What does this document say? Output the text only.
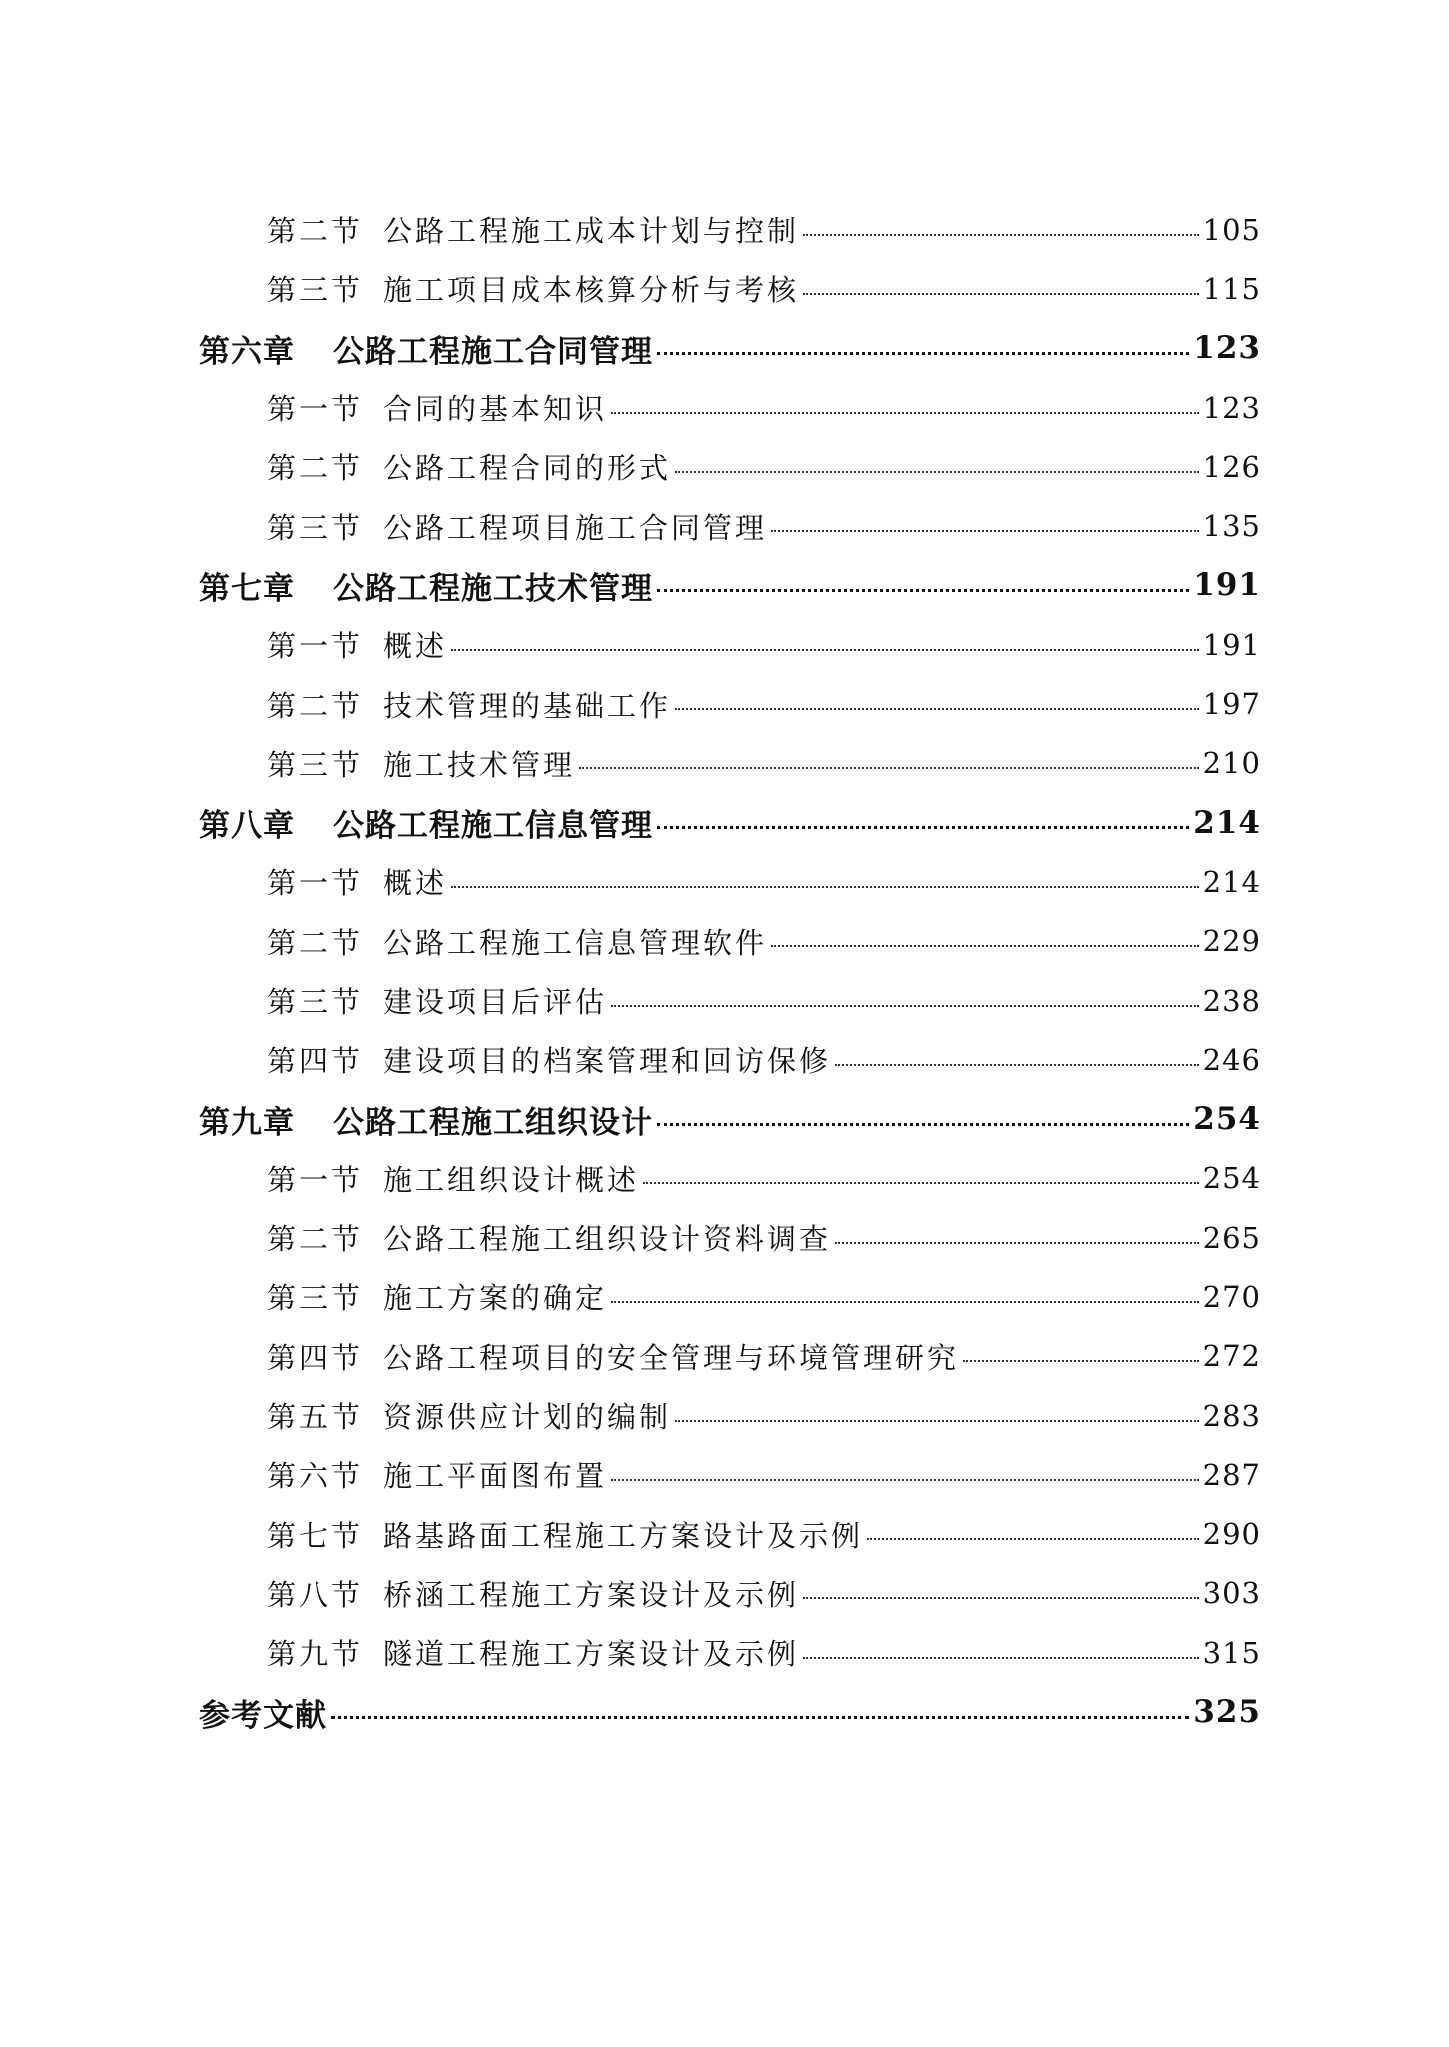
第二节 公路工程施工成本计划与控制	105
第三节 施工项目成本核算分析与考核	115
第六章 公路工程施工合同管理	123
第一节 合同的基本知识	123
第二节 公路工程合同的形式	126
第三节 公路工程项目施工合同管理	135
第七章 公路工程施工技术管理	191
第一节 概述	191
第二节 技术管理的基础工作	197
第三节 施工技术管理	210
第八章 公路工程施工信息管理	214
第一节 概述	214
第二节 公路工程施工信息管理软件	229
第三节 建设项目后评估	238
第四节 建设项目的档案管理和回访保修	246
第九章 公路工程施工组织设计	254
第一节 施工组织设计概述	254
第二节 公路工程施工组织设计资料调查	265
第三节 施工方案的确定	270
第四节 公路工程项目的安全管理与环境管理研究	272
第五节 资源供应计划的编制	283
第六节 施工平面图布置	287
第七节 路基路面工程施工方案设计及示例	290
第八节 桥涵工程施工方案设计及示例	303
第九节 隧道工程施工方案设计及示例	315
参考文献	325
